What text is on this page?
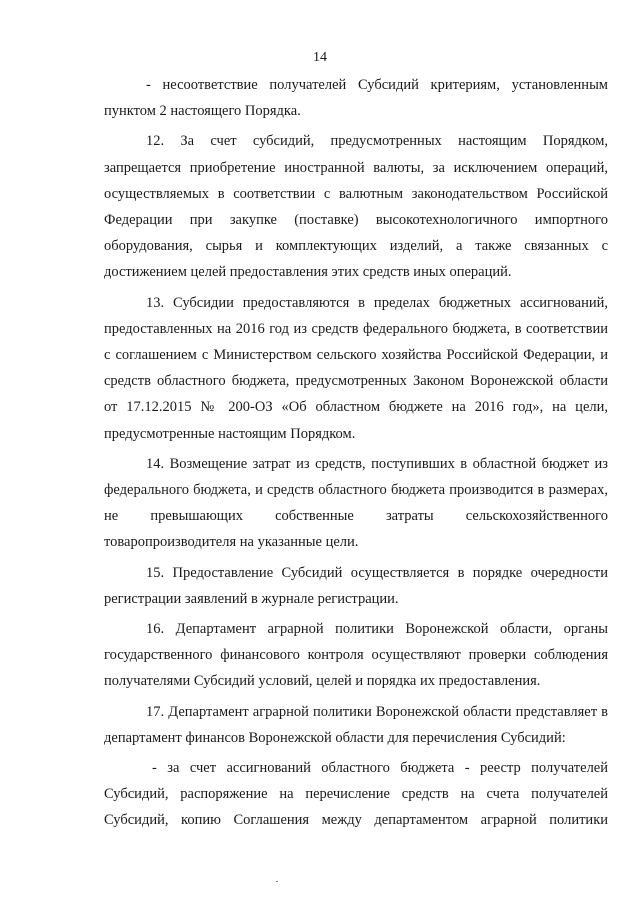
14

- несоответствие получателей Субсидий критериям, установленным пунктом 2 настоящего Порядка.

12. За счет субсидий, предусмотренных настоящим Порядком, запрещается приобретение иностранной валюты, за исключением операций, осуществляемых в соответствии с валютным законодательством Российской Федерации при закупке (поставке) высокотехнологичного импортного оборудования, сырья и комплектующих изделий, а также связанных с достижением целей предоставления этих средств иных операций.

13. Субсидии предоставляются в пределах бюджетных ассигнований, предоставленных на 2016 год из средств федерального бюджета, в соответствии с соглашением с Министерством сельского хозяйства Российской Федерации, и средств областного бюджета, предусмотренных Законом Воронежской области от 17.12.2015 № 200-ОЗ «Об областном бюджете на 2016 год», на цели, предусмотренные настоящим Порядком.

14. Возмещение затрат из средств, поступивших в областной бюджет из федерального бюджета, и средств областного бюджета производится в размерах, не превышающих собственные затраты сельскохозяйственного товаропроизводителя на указанные цели.

15. Предоставление Субсидий осуществляется в порядке очередности регистрации заявлений в журнале регистрации.

16. Департамент аграрной политики Воронежской области, органы государственного финансового контроля осуществляют проверки соблюдения получателями Субсидий условий, целей и порядка их предоставления.

17. Департамент аграрной политики Воронежской области представляет в департамент финансов Воронежской области для перечисления Субсидий:

- за счет ассигнований областного бюджета - реестр получателей Субсидий, распоряжение на перечисление средств на счета получателей Субсидий, копию Соглашения между департаментом аграрной политики
